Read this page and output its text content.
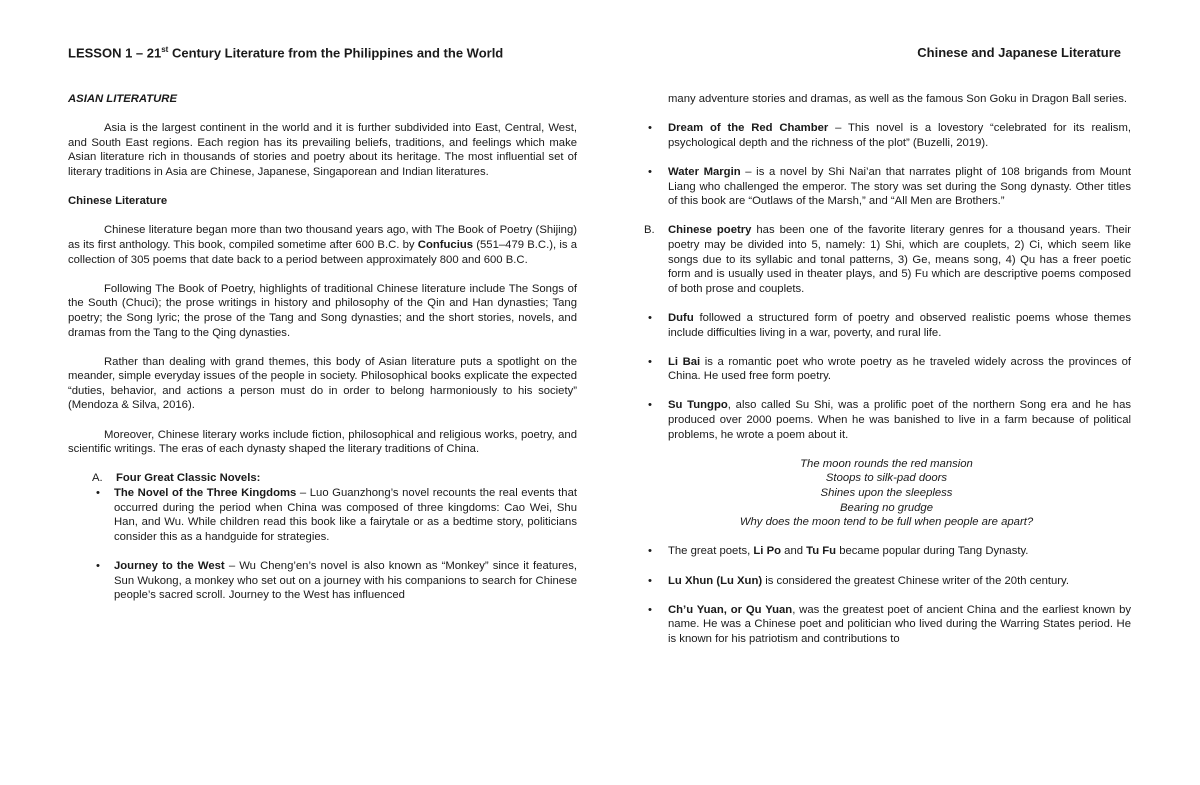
LESSON 1 – 21st Century Literature from the Philippines and the World	Chinese and Japanese Literature

ASIAN LITERATURE

Asia is the largest continent in the world and it is further subdivided into East, Central, West, and South East regions. Each region has its prevailing beliefs, traditions, and feelings which make Asian literature rich in thousands of stories and poetry about its heritage. The most influential set of literary traditions in Asia are Chinese, Japanese, Singaporean and Indian literatures.

Chinese Literature

Chinese literature began more than two thousand years ago, with The Book of Poetry (Shijing) as its first anthology. This book, compiled sometime after 600 B.C. by Confucius (551–479 B.C.), is a collection of 305 poems that date back to a period between approximately 800 and 600 B.C.

Following The Book of Poetry, highlights of traditional Chinese literature include The Songs of the South (Chuci); the prose writings in history and philosophy of the Qin and Han dynasties; Tang poetry; the Song lyric; the prose of the Tang and Song dynasties; and the short stories, novels, and dramas from the Tang to the Qing dynasties.

Rather than dealing with grand themes, this body of Asian literature puts a spotlight on the meander, simple everyday issues of the people in society. Philosophical books explicate the expected “duties, behavior, and actions a person must do in order to belong harmoniously to his society” (Mendoza & Silva, 2016).

Moreover, Chinese literary works include fiction, philosophical and religious works, poetry, and scientific writings. The eras of each dynasty shaped the literary traditions of China.

A. Four Great Classic Novels:
• The Novel of the Three Kingdoms – Luo Guanzhong’s novel recounts the real events that occurred during the period when China was composed of three kingdoms: Cao Wei, Shu Han, and Wu. While children read this book like a fairytale or as a bedtime story, politicians consider this as a handguide for strategies.
• Journey to the West – Wu Cheng’en’s novel is also known as “Monkey” since it features, Sun Wukong, a monkey who set out on a journey with his companions to search for Chinese people’s sacred scroll. Journey to the West has influenced

many adventure stories and dramas, as well as the famous Son Goku in Dragon Ball series.

• Dream of the Red Chamber – This novel is a lovestory “celebrated for its realism, psychological depth and the richness of the plot” (Buzelli, 2019).
• Water Margin – is a novel by Shi Nai’an that narrates plight of 108 brigands from Mount Liang who challenged the emperor. The story was set during the Song dynasty. Other titles of this book are “Outlaws of the Marsh,” and “All Men are Brothers.”
B. Chinese poetry has been one of the favorite literary genres for a thousand years. Their poetry may be divided into 5, namely: 1) Shi, which are couplets, 2) Ci, which seem like songs due to its syllabic and tonal patterns, 3) Ge, means song, 4) Qu has a freer poetic form and is usually used in theater plays, and 5) Fu which are descriptive poems composed of both prose and couplets.
• Dufu followed a structured form of poetry and observed realistic poems whose themes include difficulties living in a war, poverty, and rural life.
• Li Bai is a romantic poet who wrote poetry as he traveled widely across the provinces of China. He used free form poetry.
• Su Tungpo, also called Su Shi, was a prolific poet of the northern Song era and he has produced over 2000 poems. When he was banished to live in a farm because of political problems, he wrote a poem about it.
The moon rounds the red mansion
Stoops to silk-pad doors
Shines upon the sleepless
Bearing no grudge
Why does the moon tend to be full when people are apart?
• The great poets, Li Po and Tu Fu became popular during Tang Dynasty.
• Lu Xhun (Lu Xun) is considered the greatest Chinese writer of the 20th century.
• Ch’u Yuan, or Qu Yuan, was the greatest poet of ancient China and the earliest known by name. He was a Chinese poet and politician who lived during the Warring States period. He is known for his patriotism and contributions to
